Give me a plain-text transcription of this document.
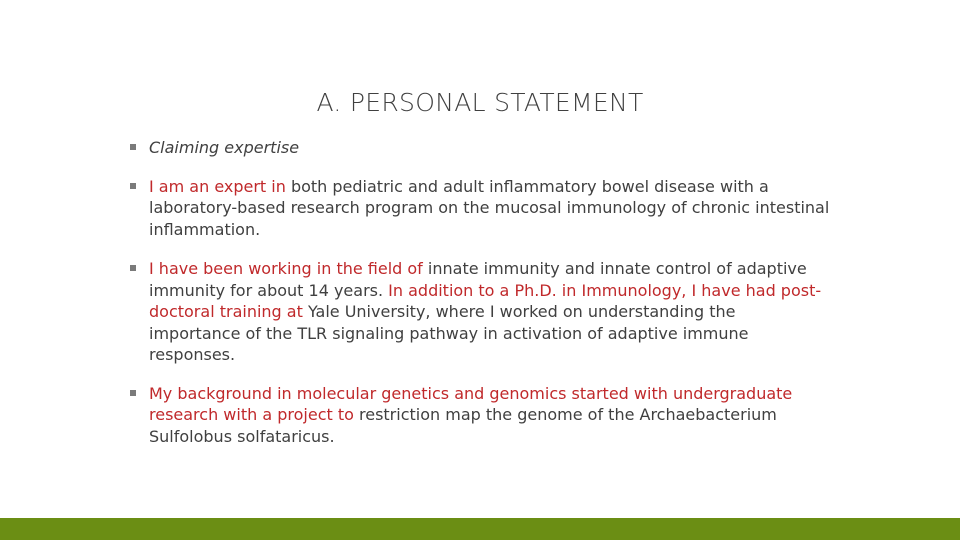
A. PERSONAL STATEMENT
Claiming expertise
I am an expert in both pediatric and adult inflammatory bowel disease with a laboratory-based research program on the mucosal immunology of chronic intestinal inflammation.
I have been working in the field of innate immunity and innate control of adaptive immunity for about 14 years. In addition to a Ph.D. in Immunology, I have had post-doctoral training at Yale University, where I worked on understanding the importance of the TLR signaling pathway in activation of adaptive immune responses.
My background in molecular genetics and genomics started with undergraduate research with a project to restriction map the genome of the Archaebacterium Sulfolobus solfataricus.
